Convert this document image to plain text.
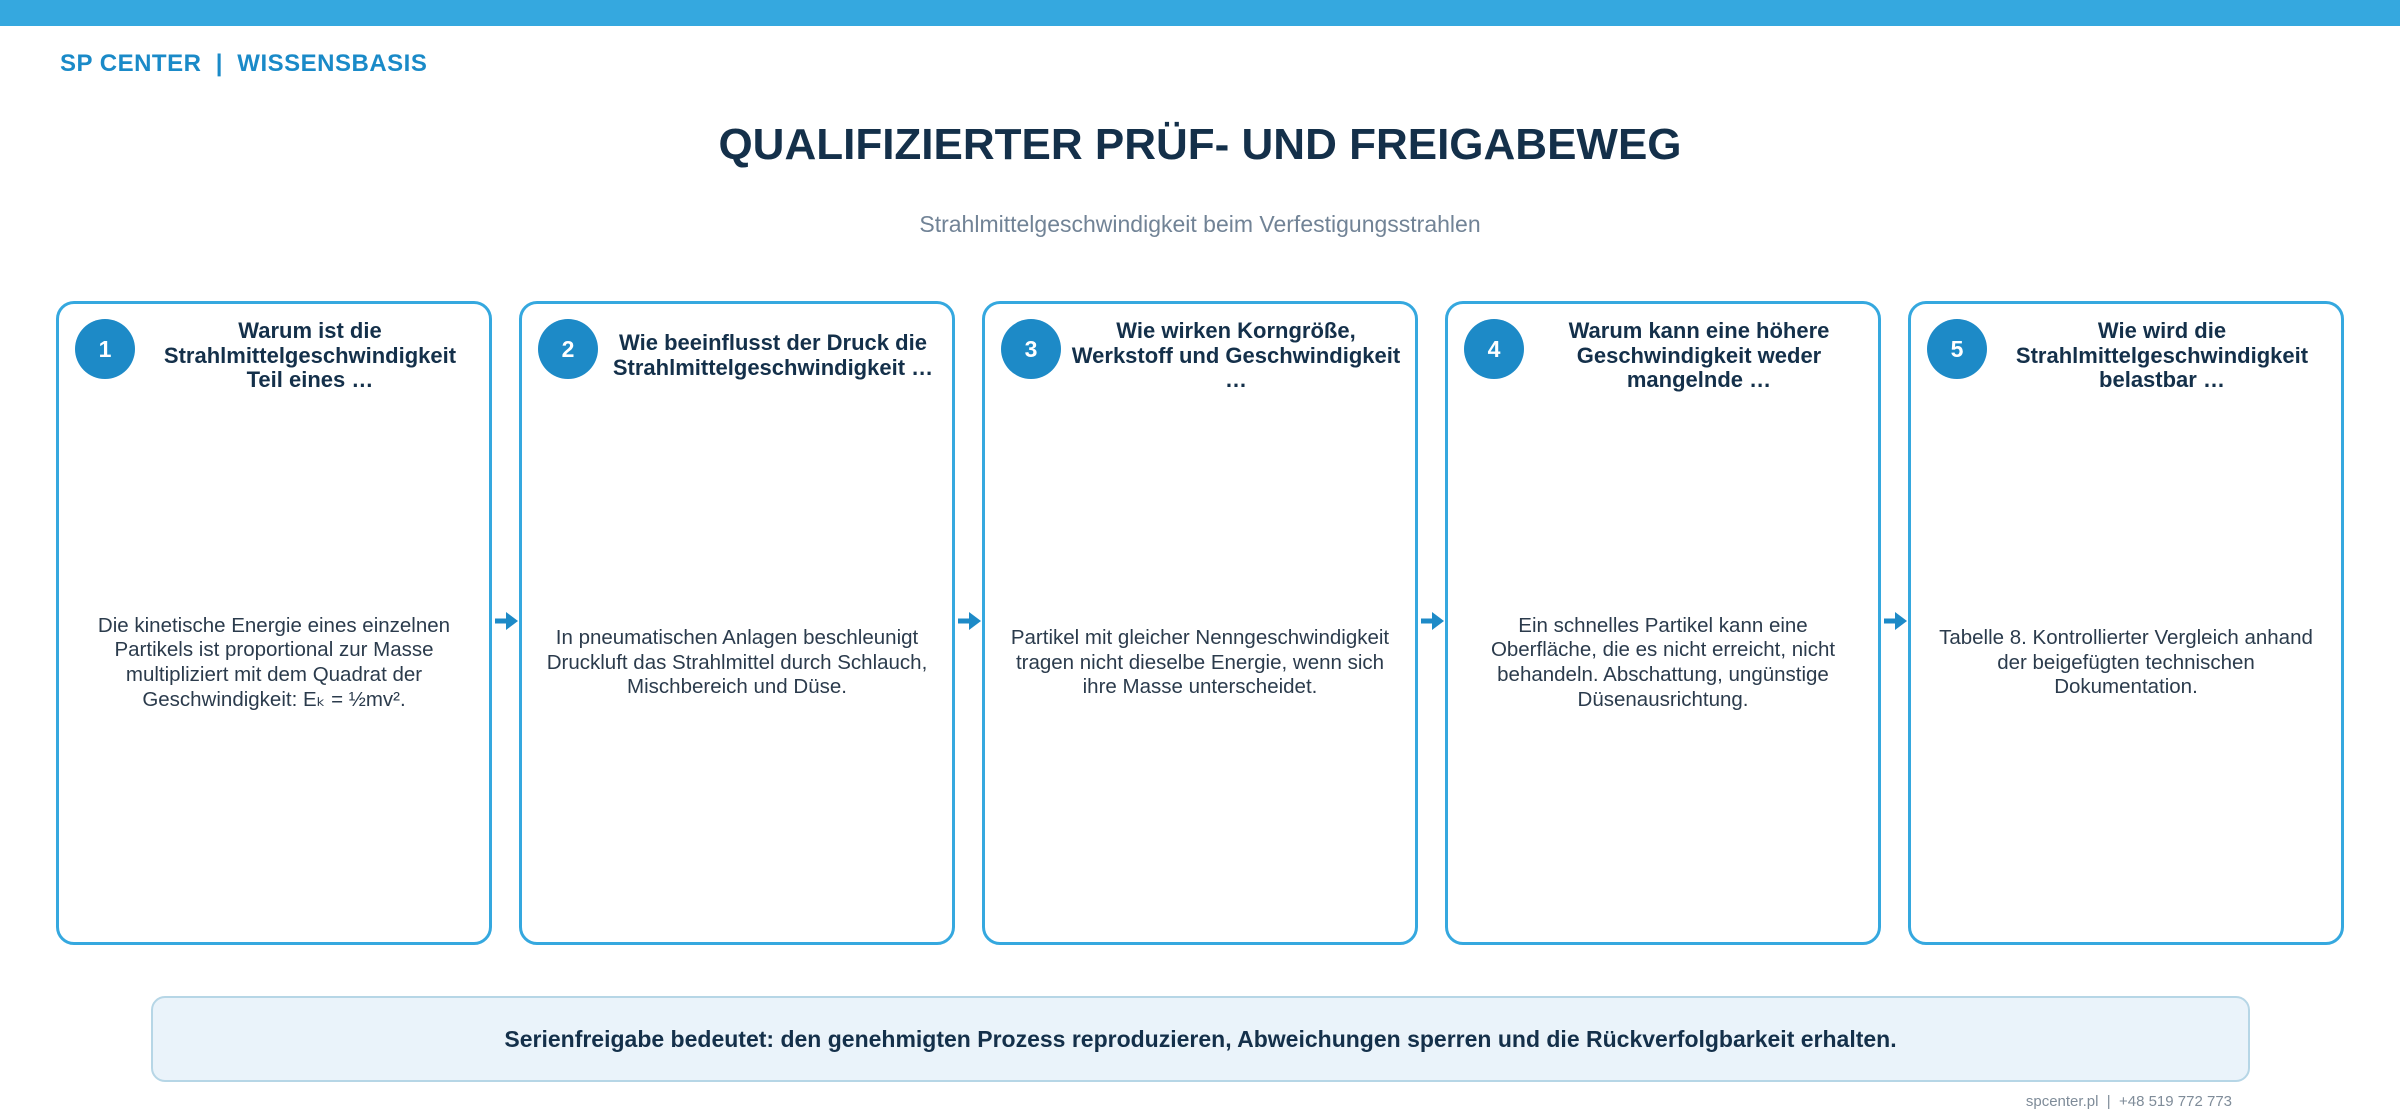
SP CENTER  |  WISSENSBASIS
QUALIFIZIERTER PRÜF- UND FREIGABEWEG
Strahlmittelgeschwindigkeit beim Verfestigungsstrahlen
1
Warum ist die Strahlmittelgeschwindigkeit Teil eines …
Die kinetische Energie eines einzelnen Partikels ist proportional zur Masse multipliziert mit dem Quadrat der Geschwindigkeit: Eₖ = ½mv².
2	Wie beeinflusst der Druck die Strahlmittelgeschwindigkeit …
In pneumatischen Anlagen beschleunigt Druckluft das Strahlmittel durch Schlauch, Mischbereich und Düse.
3
Wie wirken Korngröße, Werkstoff und Geschwindigkeit …
Partikel mit gleicher Nenngeschwindigkeit tragen nicht dieselbe Energie, wenn sich ihre Masse unterscheidet.
4
Warum kann eine höhere Geschwindigkeit weder mangelnde …
Ein schnelles Partikel kann eine Oberfläche, die es nicht erreicht, nicht behandeln. Abschattung, ungünstige Düsenausrichtung.
5
Wie wird die Strahlmittelgeschwindigkeit belastbar …
Tabelle 8. Kontrollierter Vergleich anhand der beigefügten technischen Dokumentation.
Serienfreigabe bedeutet: den genehmigten Prozess reproduzieren, Abweichungen sperren und die Rückverfolgbarkeit erhalten.
spcenter.pl  |  +48 519 772 773
